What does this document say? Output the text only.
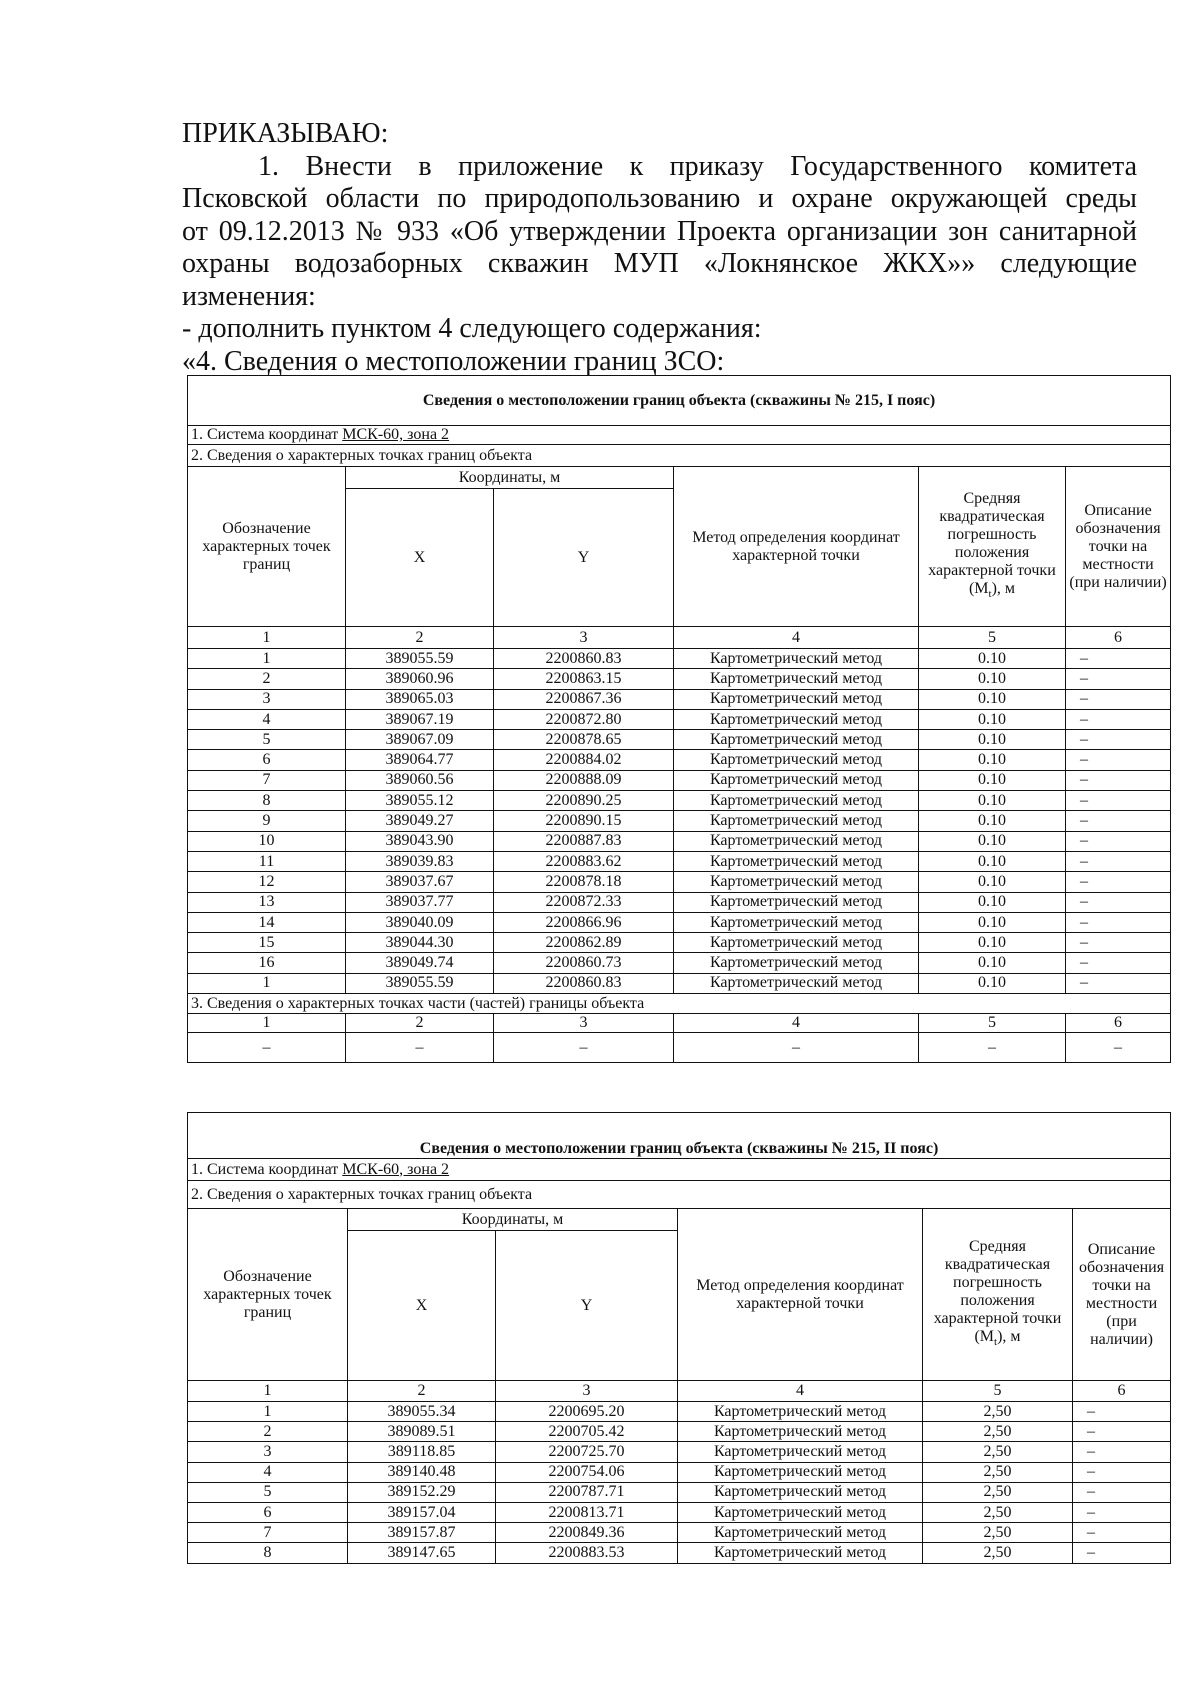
ПРИКАЗЫВАЮ:

1. Внести в приложение к приказу Государственного комитета

Псковской области по природопользованию и охране окружающей среды

от 09.12.2013 № 933 «Об утверждении Проекта организации зон санитарной

охраны водозаборных скважин МУП «Локнянское ЖКХ»» следующие

изменения:

- дополнить пунктом 4 следующего содержания:

«4. Сведения о местоположении границ ЗСО:

Сведения о местоположении границ объекта (скважины № 215, I пояс)					
1. Система координат МСК-60, зона 2					
2. Сведения о характерных точках границ объекта					
Обозначение характерных точек границ	Координаты, м		Метод определения координат характерной точки	Средняя квадратическая погрешность положения характерной точки $(M_t)$, м	Описание обозначения точки на местности (при наличии)
	X	Y			
1	2	3	4	5	6
1	389055.59	2200860.83	Картометрический метод	0.10	–
2	389060.96	2200863.15	Картометрический метод	0.10	–
3	389065.03	2200867.36	Картометрический метод	0.10	–
4	389067.19	2200872.80	Картометрический метод	0.10	–
5	389067.09	2200878.65	Картометрический метод	0.10	–
6	389064.77	2200884.02	Картометрический метод	0.10	–
7	389060.56	2200888.09	Картометрический метод	0.10	–
8	389055.12	2200890.25	Картометрический метод	0.10	–
9	389049.27	2200890.15	Картометрический метод	0.10	–
10	389043.90	2200887.83	Картометрический метод	0.10	–
11	389039.83	2200883.62	Картометрический метод	0.10	–
12	389037.67	2200878.18	Картометрический метод	0.10	–
13	389037.77	2200872.33	Картометрический метод	0.10	–
14	389040.09	2200866.96	Картометрический метод	0.10	–
15	389044.30	2200862.89	Картометрический метод	0.10	–
16	389049.74	2200860.73	Картометрический метод	0.10	–
1	389055.59	2200860.83	Картометрический метод	0.10	–
3. Сведения о характерных точках части (частей) границы объекта					
1	2	3	4	5	6
–	–	–	–	–	–
Сведения о местоположении границ объекта (скважины № 215, II пояс)					
1. Система координат МСК-60, зона 2					
2. Сведения о характерных точках границ объекта					
Обозначение характерных точек границ	Координаты, м		Метод определения координат характерной точки	Средняя квадратическая погрешность положения характерной точки $(M_t)$, м	Описание обозначения точки на местности (при наличии)
	X	Y			
1	2	3	4	5	6
1	389055.34	2200695.20	Картометрический метод	2,50	–
2	389089.51	2200705.42	Картометрический метод	2,50	–
3	389118.85	2200725.70	Картометрический метод	2,50	–
4	389140.48	2200754.06	Картометрический метод	2,50	–
5	389152.29	2200787.71	Картометрический метод	2,50	–
6	389157.04	2200813.71	Картометрический метод	2,50	–
7	389157.87	2200849.36	Картометрический метод	2,50	–
8	389147.65	2200883.53	Картометрический метод	2,50	–
